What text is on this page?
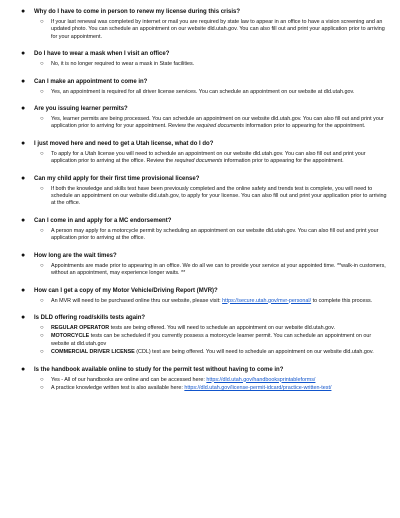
● Why do I have to come in person to renew my license during this crisis?
○ If your last renewal was completed by internet or mail you are required by state law to appear in an office to have a vision screening and an updated photo. You can schedule an appointment on our website dld.utah.gov. You can also fill out and print your application prior to arriving for your appointment.
● Do I have to wear a mask when I visit an office?
○ No, it is no longer required to wear a mask in State facilities.
● Can I make an appointment to come in?
○ Yes, an appointment is required for all driver license services. You can schedule an appointment on our website at dld.utah.gov.
● Are you issuing learner permits?
○ Yes, learner permits are being processed. You can schedule an appointment on our website dld.utah.gov. You can also fill out and print your application prior to arriving for your appointment. Review the required documents information prior to appearing for the appointment.
● I just moved here and need to get a Utah license, what do I do?
○ To apply for a Utah license you will need to schedule an appointment on our website dld.utah.gov. You can also fill out and print your application prior to arriving at the office. Review the required documents information prior to appearing for the appointment.
● Can my child apply for their first time provisional license?
○ If both the knowledge and skills test have been previously completed and the online safety and trends test is complete, you will need to schedule an appointment on our website dld.utah.gov, to apply for your license. You can also fill out and print your application prior to arriving at the office.
● Can I come in and apply for a MC endorsement?
○ A person may apply for a motorcycle permit by scheduling an appointment on our website dld.utah.gov. You can also fill out and print your application prior to arriving at the office.
● How long are the wait times?
○ Appointments are made prior to appearing in an office. We do all we can to provide your service at your appointed time. **walk-in customers, without an appointment, may experience longer waits. **
● How can I get a copy of my Motor Vehicle/Driving Report (MVR)?
○ An MVR will need to be purchased online thru our website, please visit: https://secure.utah.gov/mvr-personal/ to complete this process.
● Is DLD offering road/skills tests again?
○ REGULAR OPERATOR tests are being offered. You will need to schedule an appointment on our website dld.utah.gov.
○ MOTORCYCLE tests can be scheduled if you currently possess a motorcycle learner permit. You can schedule an appointment on our website at dld.utah.gov
○ COMMERCIAL DRIVER LICENSE (CDL) test are being offered. You will need to schedule an appointment on our website dld.utah.gov.
● Is the handbook available online to study for the permit test without having to come in?
○ Yes - All of our handbooks are online and can be accessed here: https://dld.utah.gov/handbooksprintableforms/
○ A practice knowledge written test is also available here: https://dld.utah.gov/license-permit-idcard/practice-written-test/
